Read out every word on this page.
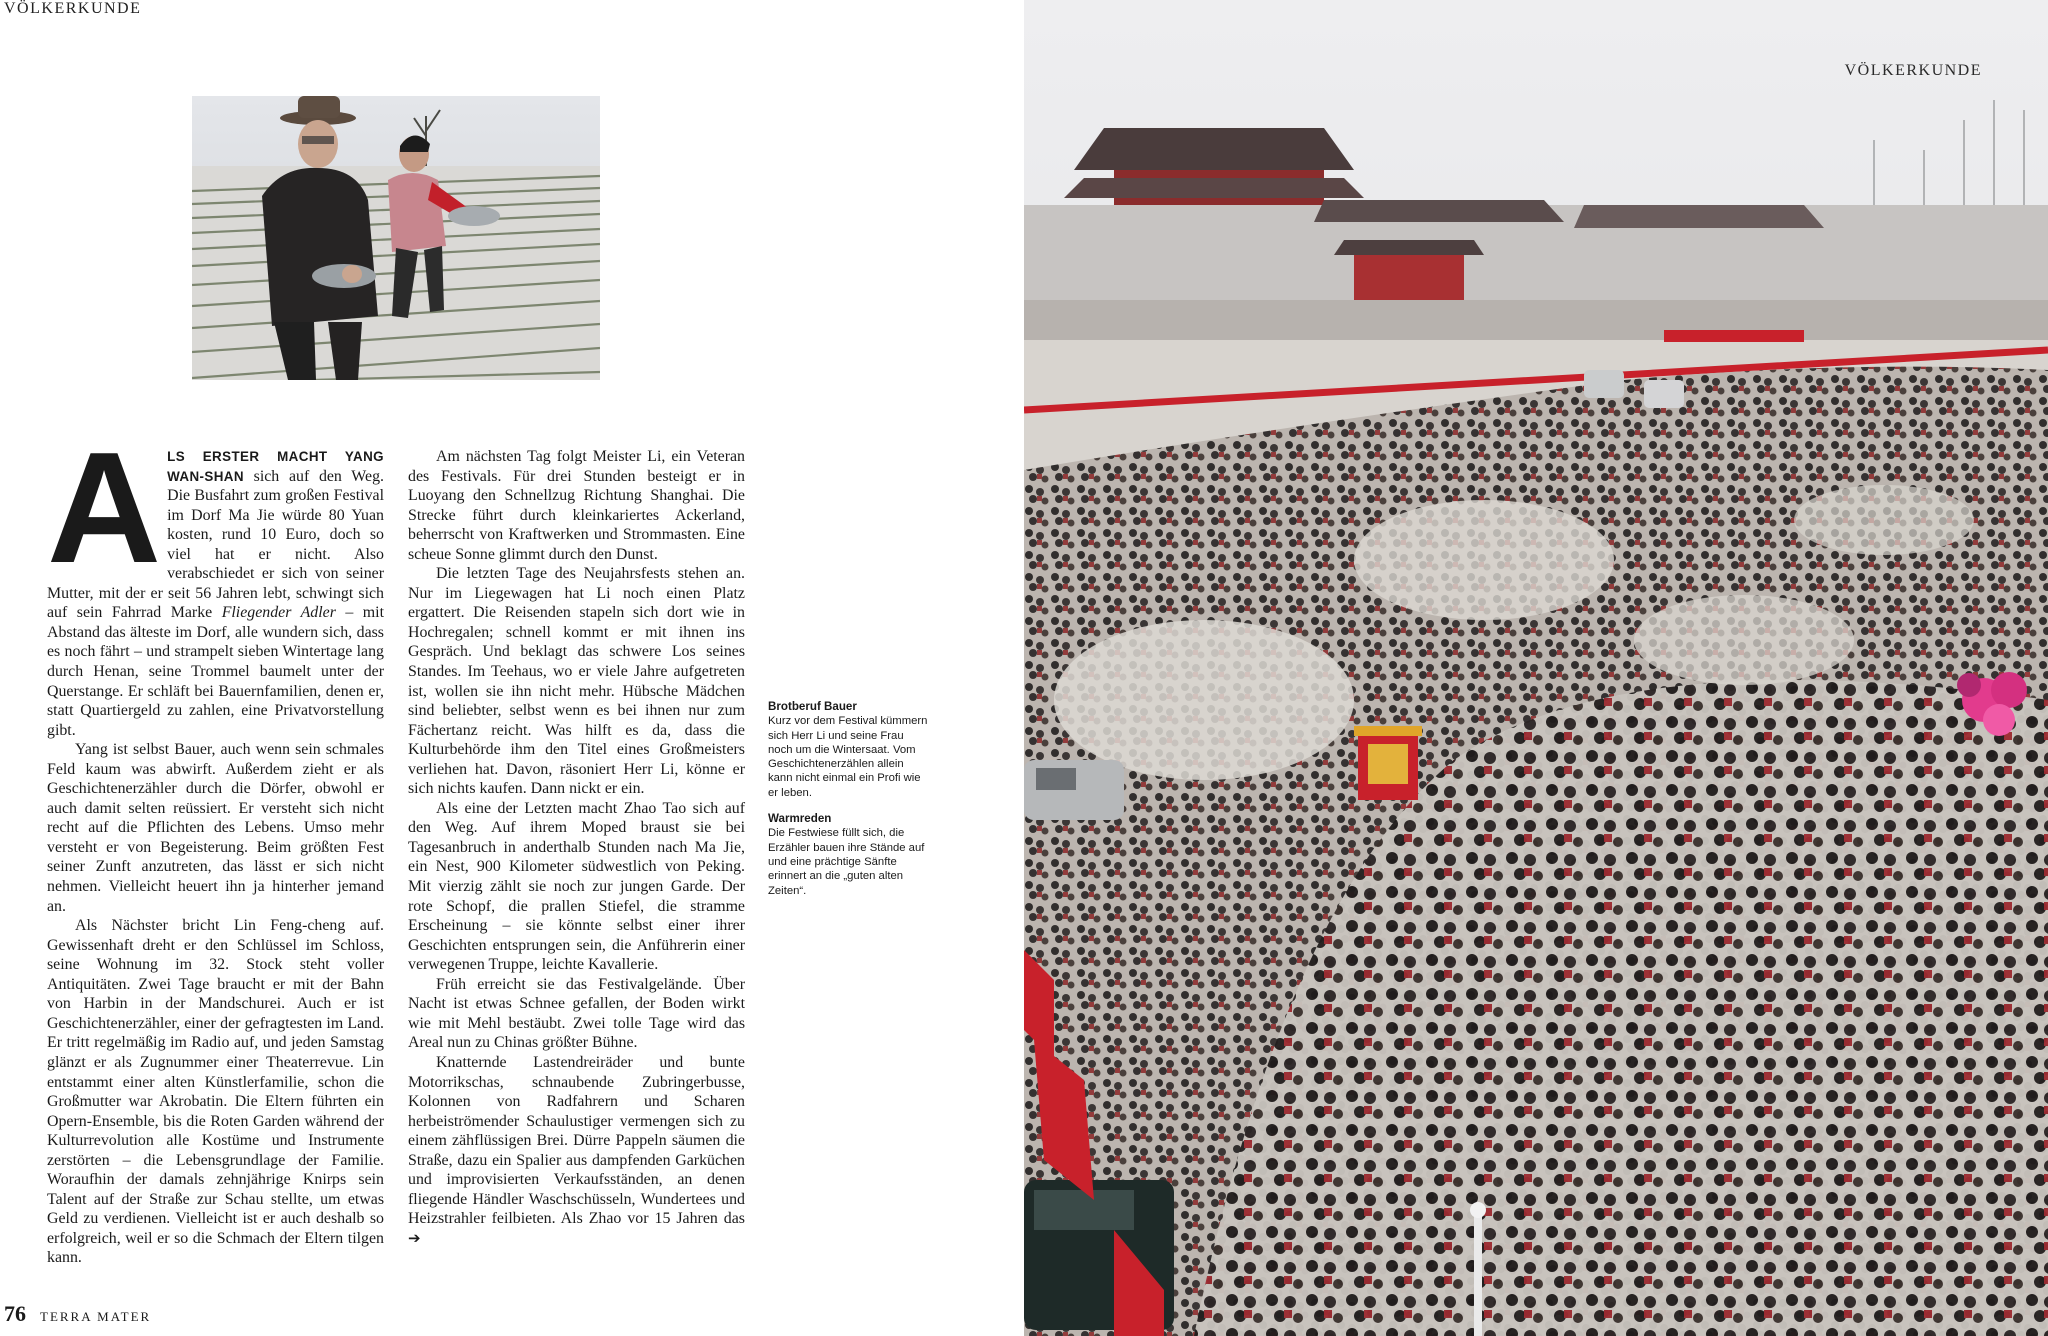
VÖLKERKUNDE

ALS ERSTER MACHT YANG WAN-SHAN sich auf den Weg. Die Busfahrt zum großen Festival im Dorf Ma Jie würde 80 Yuan kosten, rund 10 Euro, doch so viel hat er nicht. Also verabschiedet er sich von seiner Mutter, mit der er seit 56 Jahren lebt, schwingt sich auf sein Fahrrad Marke Fliegender Adler – mit Abstand das älteste im Dorf, alle wundern sich, dass es noch fährt – und strampelt sieben Wintertage lang durch Henan, seine Trommel baumelt unter der Querstange. Er schläft bei Bauernfamilien, denen er, statt Quartiergeld zu zahlen, eine Privatvorstellung gibt.

Yang ist selbst Bauer, auch wenn sein schmales Feld kaum was abwirft. Außerdem zieht er als Geschichtenerzähler durch die Dörfer, obwohl er auch damit selten reüssiert. Er versteht sich nicht recht auf die Pflichten des Lebens. Umso mehr versteht er von Begeisterung. Beim größten Fest seiner Zunft anzutreten, das lässt er sich nicht nehmen. Vielleicht heuert ihn ja hinterher jemand an.

Als Nächster bricht Lin Feng-cheng auf. Gewissenhaft dreht er den Schlüssel im Schloss, seine Wohnung im 32. Stock steht voller Antiquitäten. Zwei Tage braucht er mit der Bahn von Harbin in der Mandschurei. Auch er ist Geschichtenerzähler, einer der gefragtesten im Land. Er tritt regelmäßig im Radio auf, und jeden Samstag glänzt er als Zugnummer einer Theaterrevue. Lin entstammt einer alten Künstlerfamilie, schon die Großmutter war Akrobatin. Die Eltern führten ein Opern-Ensemble, bis die Roten Garden während der Kulturrevolution alle Kostüme und Instrumente zerstörten – die Lebensgrundlage der Familie. Woraufhin der damals zehnjährige Knirps sein Talent auf der Straße zur Schau stellte, um etwas Geld zu verdienen. Vielleicht ist er auch deshalb so erfolgreich, weil er so die Schmach der Eltern tilgen kann.

Am nächsten Tag folgt Meister Li, ein Veteran des Festivals. Für drei Stunden besteigt er in Luoyang den Schnellzug Richtung Shanghai. Die Strecke führt durch kleinkariertes Ackerland, beherrscht von Kraftwerken und Strommasten. Eine scheue Sonne glimmt durch den Dunst.

Die letzten Tage des Neujahrsfests stehen an. Nur im Liegewagen hat Li noch einen Platz ergattert. Die Reisenden stapeln sich dort wie in Hochregalen; schnell kommt er mit ihnen ins Gespräch. Und beklagt das schwere Los seines Standes. Im Teehaus, wo er viele Jahre aufgetreten ist, wollen sie ihn nicht mehr. Hübsche Mädchen sind beliebter, selbst wenn es bei ihnen nur zum Fächertanz reicht. Was hilft es da, dass die Kulturbehörde ihm den Titel eines Großmeisters verliehen hat. Davon, räsoniert Herr Li, könne er sich nichts kaufen. Dann nickt er ein.

Als eine der Letzten macht Zhao Tao sich auf den Weg. Auf ihrem Moped braust sie bei Tagesanbruch in anderthalb Stunden nach Ma Jie, ein Nest, 900 Kilometer südwestlich von Peking. Mit vierzig zählt sie noch zur jungen Garde. Der rote Schopf, die prallen Stiefel, die stramme Erscheinung – sie könnte selbst einer ihrer Geschichten entsprungen sein, die Anführerin einer verwegenen Truppe, leichte Kavallerie.

Früh erreicht sie das Festivalgelände. Über Nacht ist etwas Schnee gefallen, der Boden wirkt wie mit Mehl bestäubt. Zwei tolle Tage wird das Areal nun zu Chinas größter Bühne.

Knatternde Lastendreiräder und bunte Motorrikschas, schnaubende Zubringerbusse, Kolonnen von Radfahrern und Scharen herbeiströmender Schaulustiger vermengen sich zu einem zähflüssigen Brei. Dürre Pappeln säumen die Straße, dazu ein Spalier aus dampfenden Garküchen und improvisierten Verkaufsständen, an denen fliegende Händler Waschschüsseln, Wundertees und Heizstrahler feilbieten. Als Zhao vor 15 Jahren das ➔

Brotberuf Bauer
Kurz vor dem Festival kümmern sich Herr Li und seine Frau noch um die Wintersaat. Vom Geschichtenerzählen allein kann nicht einmal ein Profi wie er leben.
Warmreden
Die Festwiese füllt sich, die Erzähler bauen ihre Stände auf und eine prächtige Sänfte erinnert an die „guten alten Zeiten“.
76 TERRA MATER
VÖLKERKUNDE
